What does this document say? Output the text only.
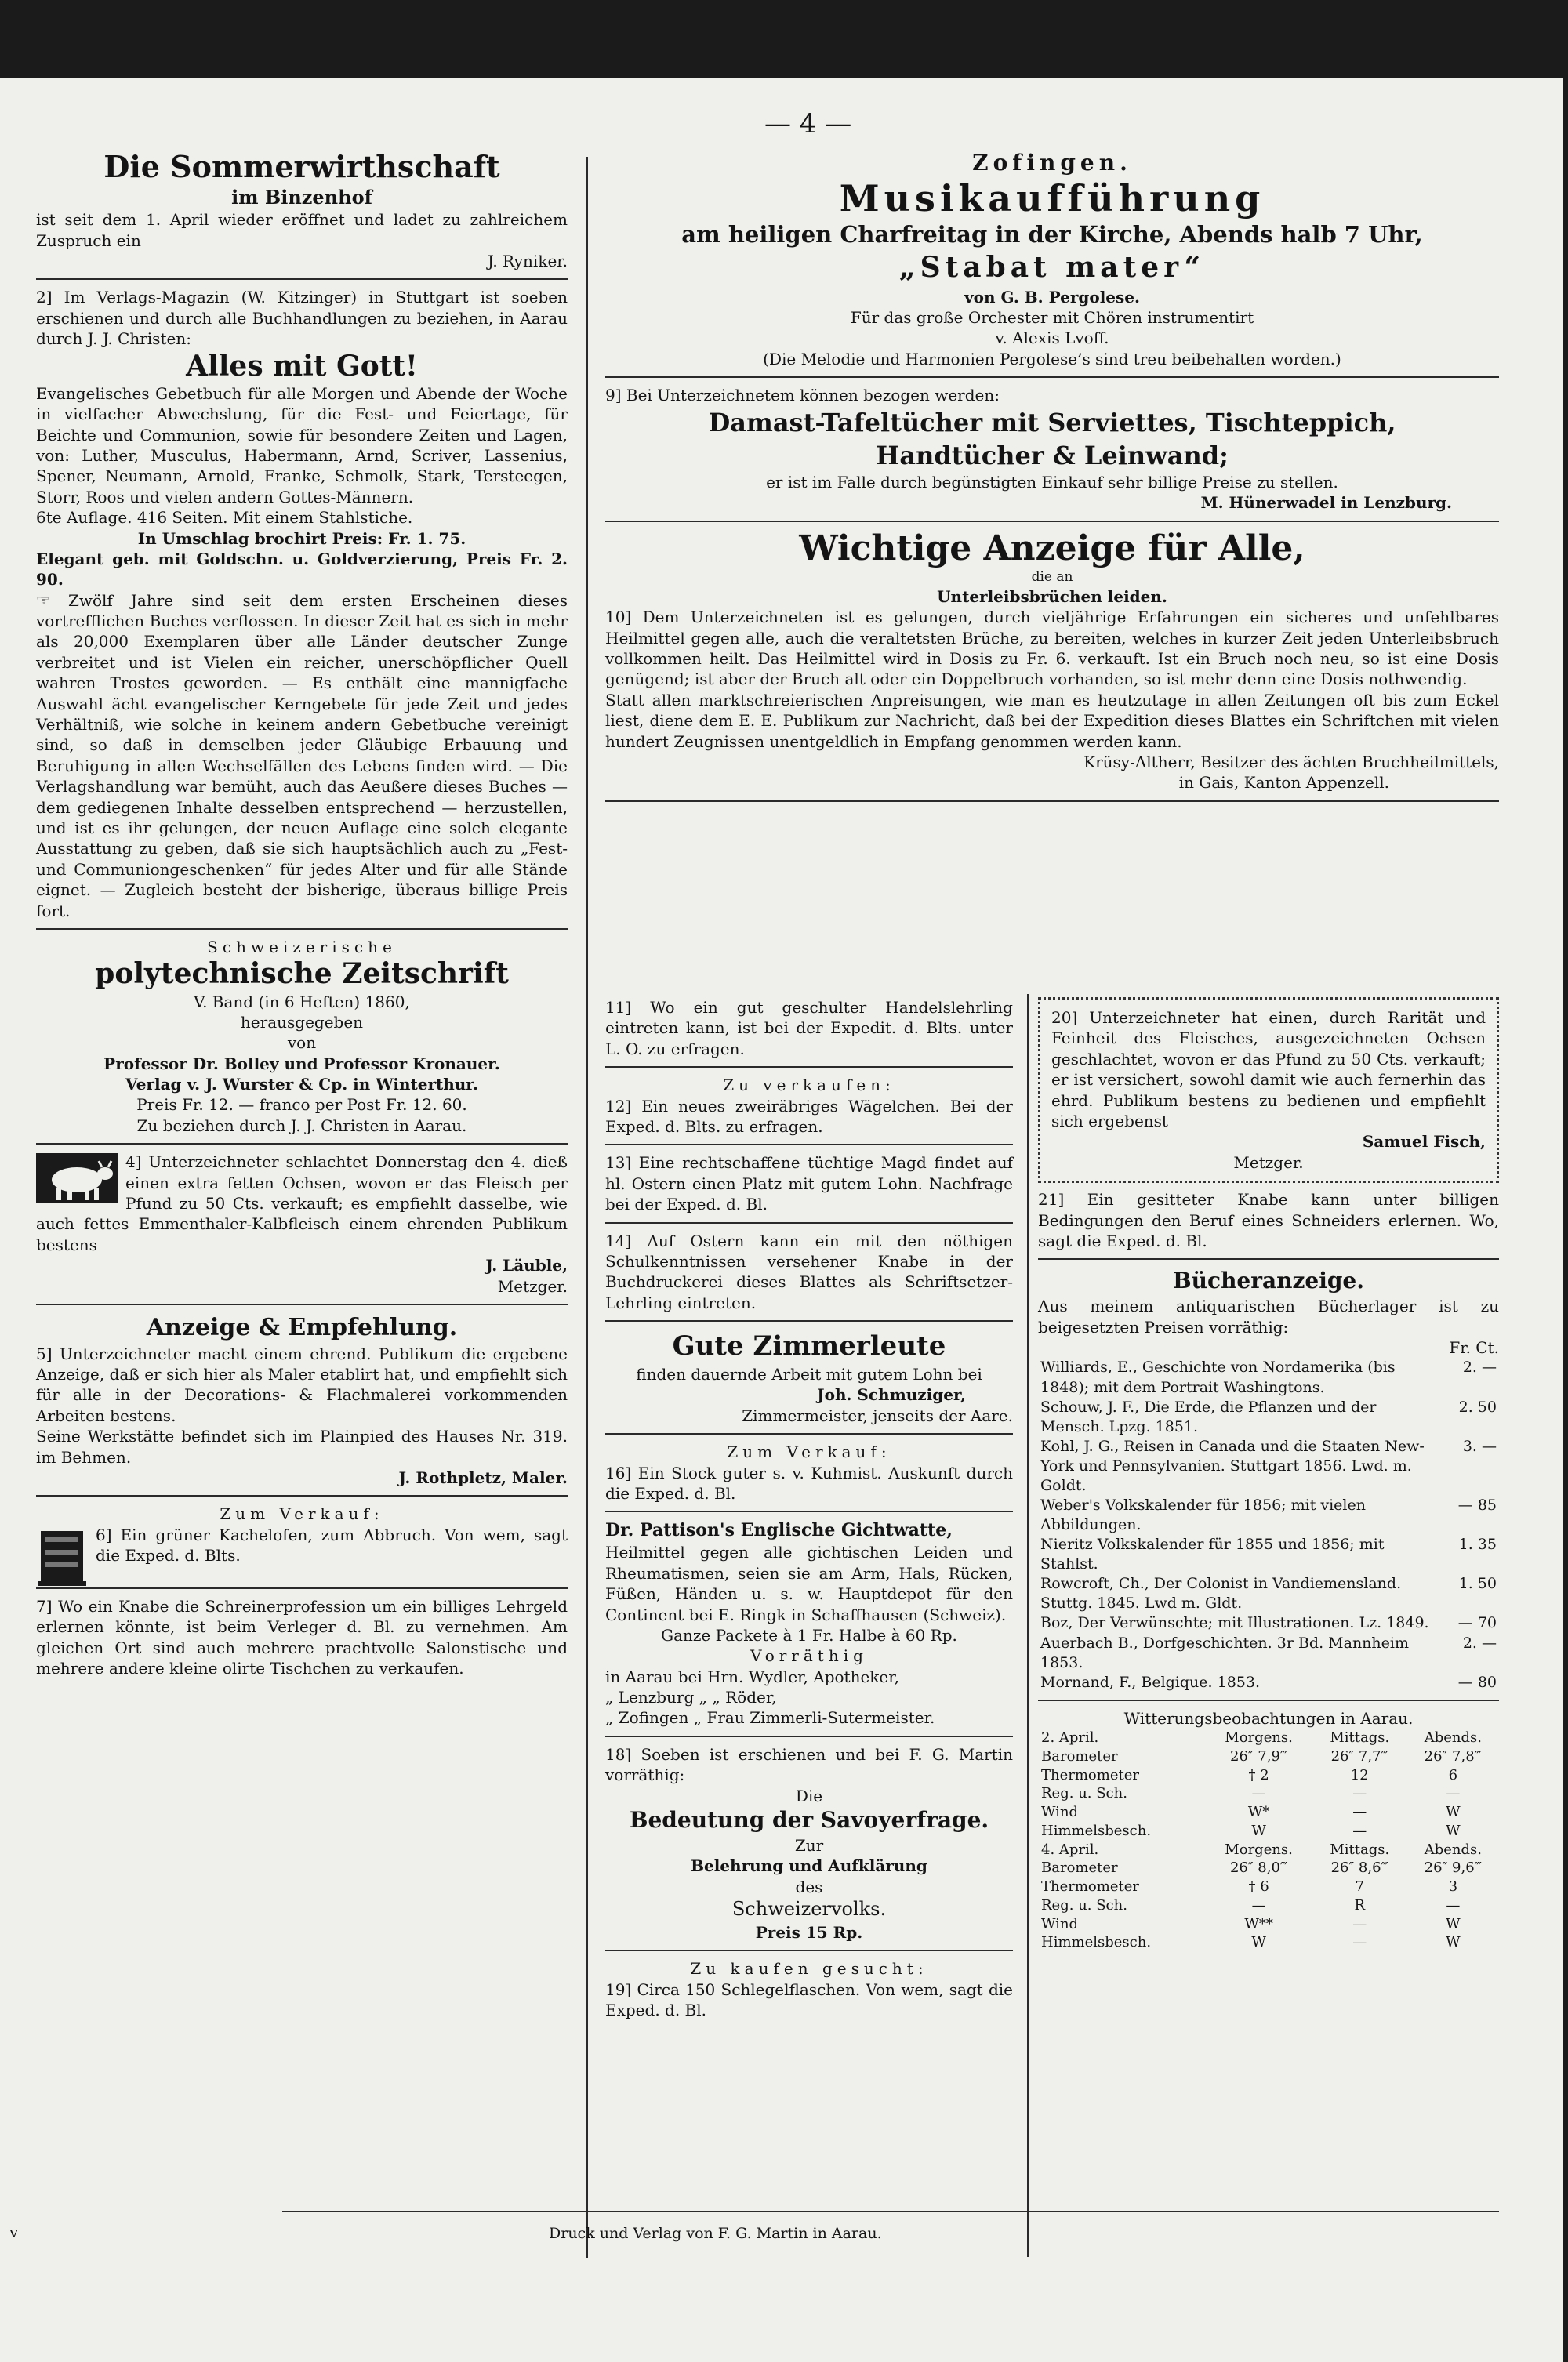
— 4 —
Die Sommerwirthschaft
im Binzenhof
ist seit dem 1. April wieder eröffnet und ladet zu zahlreichem Zuspruch ein
J. Ryniker.
2] Im Verlags-Magazin (W. Kitzinger) in Stuttgart ist soeben erschienen und durch alle Buchhandlungen zu beziehen, in Aarau durch J. J. Christen:
Alles mit Gott!
Evangelisches Gebetbuch für alle Morgen und Abende der Woche in vielfacher Abwechslung, für die Fest- und Feiertage, für Beichte und Communion, sowie für besondere Zeiten und Lagen, von: Luther, Musculus, Habermann, Arnd, Scriver, Lassenius, Spener, Neumann, Arnold, Franke, Schmolk, Stark, Tersteegen, Storr, Roos und vielen andern Gottes-Männern.
6te Auflage. 416 Seiten. Mit einem Stahlstiche.
In Umschlag brochirt Preis: Fr. 1. 75.
Elegant geb. mit Goldschn. u. Goldverzierung, Preis Fr. 2. 90.
☞ Zwölf Jahre sind seit dem ersten Erscheinen dieses vortrefflichen Buches verflossen. In dieser Zeit hat es sich in mehr als 20,000 Exemplaren über alle Länder deutscher Zunge verbreitet und ist Vielen ein reicher, unerschöpflicher Quell wahren Trostes geworden. — Es enthält eine mannigfache Auswahl ächt evangelischer Kerngebete für jede Zeit und jedes Verhältniß, wie solche in keinem andern Gebetbuche vereinigt sind, so daß in demselben jeder Gläubige Erbauung und Beruhigung in allen Wechselfällen des Lebens finden wird. — Die Verlagshandlung war bemüht, auch das Aeußere dieses Buches — dem gediegenen Inhalte desselben entsprechend — herzustellen, und ist es ihr gelungen, der neuen Auflage eine solch elegante Ausstattung zu geben, daß sie sich hauptsächlich auch zu „Fest- und Communiongeschenken“ für jedes Alter und für alle Stände eignet. — Zugleich besteht der bisherige, überaus billige Preis fort.
Schweizerische
polytechnische Zeitschrift
V. Band (in 6 Heften) 1860,
herausgegeben
von
Professor Dr. Bolley und Professor Kronauer.
Verlag v. J. Wurster & Cp. in Winterthur.
Preis Fr. 12. — franco per Post Fr. 12. 60.
Zu beziehen durch J. J. Christen in Aarau.
4] Unterzeichneter schlachtet Donnerstag den 4. dieß einen extra fetten Ochsen, wovon er das Fleisch per Pfund zu 50 Cts. verkauft; es empfiehlt dasselbe, wie auch fettes Emmenthaler-Kalbfleisch einem ehrenden Publikum bestens
J. Läuble,
Metzger.
Anzeige & Empfehlung.
5] Unterzeichneter macht einem ehrend. Publikum die ergebene Anzeige, daß er sich hier als Maler etablirt hat, und empfiehlt sich für alle in der Decorations- & Flachmalerei vorkommenden Arbeiten bestens.
Seine Werkstätte befindet sich im Plainpied des Hauses Nr. 319. im Behmen.
J. Rothpletz, Maler.
Zum Verkauf:
6] Ein grüner Kachelofen, zum Abbruch. Von wem, sagt die Exped. d. Blts.
7] Wo ein Knabe die Schreinerprofession um ein billiges Lehrgeld erlernen könnte, ist beim Verleger d. Bl. zu vernehmen. Am gleichen Ort sind auch mehrere prachtvolle Salonstische und mehrere andere kleine olirte Tischchen zu verkaufen.
Zofingen.
Musikaufführung
am heiligen Charfreitag in der Kirche, Abends halb 7 Uhr,
„Stabat mater“
von G. B. Pergolese.
Für das große Orchester mit Chören instrumentirt
v. Alexis Lvoff.
(Die Melodie und Harmonien Pergolese’s sind treu beibehalten worden.)
9] Bei Unterzeichnetem können bezogen werden:
Damast-Tafeltücher mit Serviettes, Tischteppich,
Handtücher & Leinwand;
er ist im Falle durch begünstigten Einkauf sehr billige Preise zu stellen.
M. Hünerwadel in Lenzburg.
Wichtige Anzeige für Alle,
die an
Unterleibsbrüchen leiden.
10] Dem Unterzeichneten ist es gelungen, durch vieljährige Erfahrungen ein sicheres und unfehlbares Heilmittel gegen alle, auch die veraltetsten Brüche, zu bereiten, welches in kurzer Zeit jeden Unterleibsbruch vollkommen heilt. Das Heilmittel wird in Dosis zu Fr. 6. verkauft. Ist ein Bruch noch neu, so ist eine Dosis genügend; ist aber der Bruch alt oder ein Doppelbruch vorhanden, so ist mehr denn eine Dosis nothwendig.
Statt allen marktschreierischen Anpreisungen, wie man es heutzutage in allen Zeitungen oft bis zum Eckel liest, diene dem E. E. Publikum zur Nachricht, daß bei der Expedition dieses Blattes ein Schriftchen mit vielen hundert Zeugnissen unentgeldlich in Empfang genommen werden kann.
Krüsy-Altherr, Besitzer des ächten Bruchheilmittels,
in Gais, Kanton Appenzell.
11] Wo ein gut geschulter Handelslehrling eintreten kann, ist bei der Expedit. d. Blts. unter L. O. zu erfragen.
Zu verkaufen:
12] Ein neues zweiräbriges Wägelchen. Bei der Exped. d. Blts. zu erfragen.
13] Eine rechtschaffene tüchtige Magd findet auf hl. Ostern einen Platz mit gutem Lohn. Nachfrage bei der Exped. d. Bl.
14] Auf Ostern kann ein mit den nöthigen Schulkenntnissen versehener Knabe in der Buchdruckerei dieses Blattes als Schriftsetzer-Lehrling eintreten.
Gute Zimmerleute
finden dauernde Arbeit mit gutem Lohn bei
Joh. Schmuziger,
Zimmermeister, jenseits der Aare.
Zum Verkauf:
16] Ein Stock guter s. v. Kuhmist. Auskunft durch die Exped. d. Bl.
Dr. Pattison's Englische Gichtwatte,
Heilmittel gegen alle gichtischen Leiden und Rheumatismen, seien sie am Arm, Hals, Rücken, Füßen, Händen u. s. w. Hauptdepot für den Continent bei E. Ringk in Schaffhausen (Schweiz).
Ganze Packete à 1 Fr. Halbe à 60 Rp.
Vorräthig
in Aarau bei Hrn. Wydler, Apotheker,
„ Lenzburg „ „ Röder,
„ Zofingen „ Frau Zimmerli-Sutermeister.
18] Soeben ist erschienen und bei F. G. Martin vorräthig:
Die
Bedeutung der Savoyerfrage.
Zur
Belehrung und Aufklärung
des
Schweizervolks.
Preis 15 Rp.
Zu kaufen gesucht:
19] Circa 150 Schlegelflaschen. Von wem, sagt die Exped. d. Bl.
20] Unterzeichneter hat einen, durch Rarität und Feinheit des Fleisches, ausgezeichneten Ochsen geschlachtet, wovon er das Pfund zu 50 Cts. verkauft; er ist versichert, sowohl damit wie auch fernerhin das ehrd. Publikum bestens zu bedienen und empfiehlt sich ergebenst
Samuel Fisch,
Metzger.
21] Ein gesitteter Knabe kann unter billigen Bedingungen den Beruf eines Schneiders erlernen. Wo, sagt die Exped. d. Bl.
Bücheranzeige.
Aus meinem antiquarischen Bücherlager ist zu beigesetzten Preisen vorräthig:
Fr. Ct.
Williards, E., Geschichte von Nordamerika (bis 1848); mit dem Portrait Washingtons.	2. —
Schouw, J. F., Die Erde, die Pflanzen und der Mensch. Lpzg. 1851.	2. 50
Kohl, J. G., Reisen in Canada und die Staaten New-York und Pennsylvanien. Stuttgart 1856. Lwd. m. Goldt.	3. —
Weber's Volkskalender für 1856; mit vielen Abbildungen.	— 85
Nieritz Volkskalender für 1855 und 1856; mit Stahlst.	1. 35
Rowcroft, Ch., Der Colonist in Vandiemensland. Stuttg. 1845. Lwd m. Gldt.	1. 50
Boz, Der Verwünschte; mit Illustrationen. Lz. 1849.	— 70
Auerbach B., Dorfgeschichten. 3r Bd. Mannheim 1853.	2. —
Mornand, F., Belgique. 1853.	— 80
Witterungsbeobachtungen in Aarau.
2. April.	Morgens.	Mittags.	Abends.
Barometer	26″ 7,9‴	26″ 7,7‴	26″ 7,8‴
Thermometer	† 2	12	6
Reg. u. Sch.	—	—	—
Wind	W*	—	W
Himmelsbesch.	W	—	W
4. April.	Morgens.	Mittags.	Abends.
Barometer	26″ 8,0‴	26″ 8,6‴	26″ 9,6‴
Thermometer	† 6	7	3
Reg. u. Sch.	—	R	—
Wind	W**	—	W
Himmelsbesch.	W	—	W
Druck und Verlag von F. G. Martin in Aarau.
v
